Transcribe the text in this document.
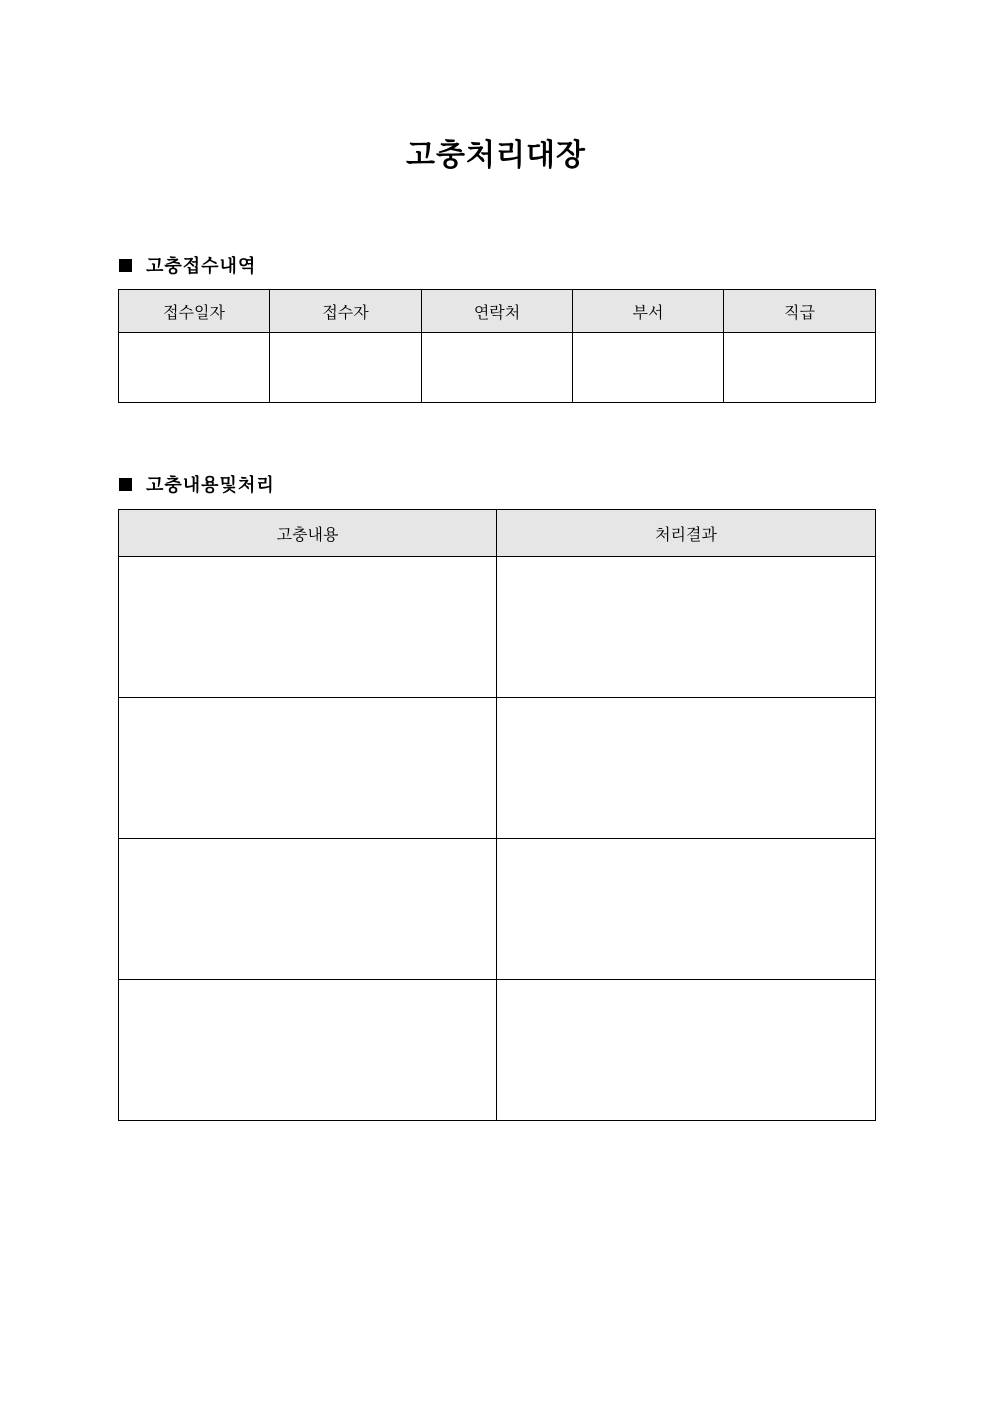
고충처리대장
고충접수내역
접수일자	접수자	연락처	부서	직급

고충내용및처리
고충내용	처리결과
